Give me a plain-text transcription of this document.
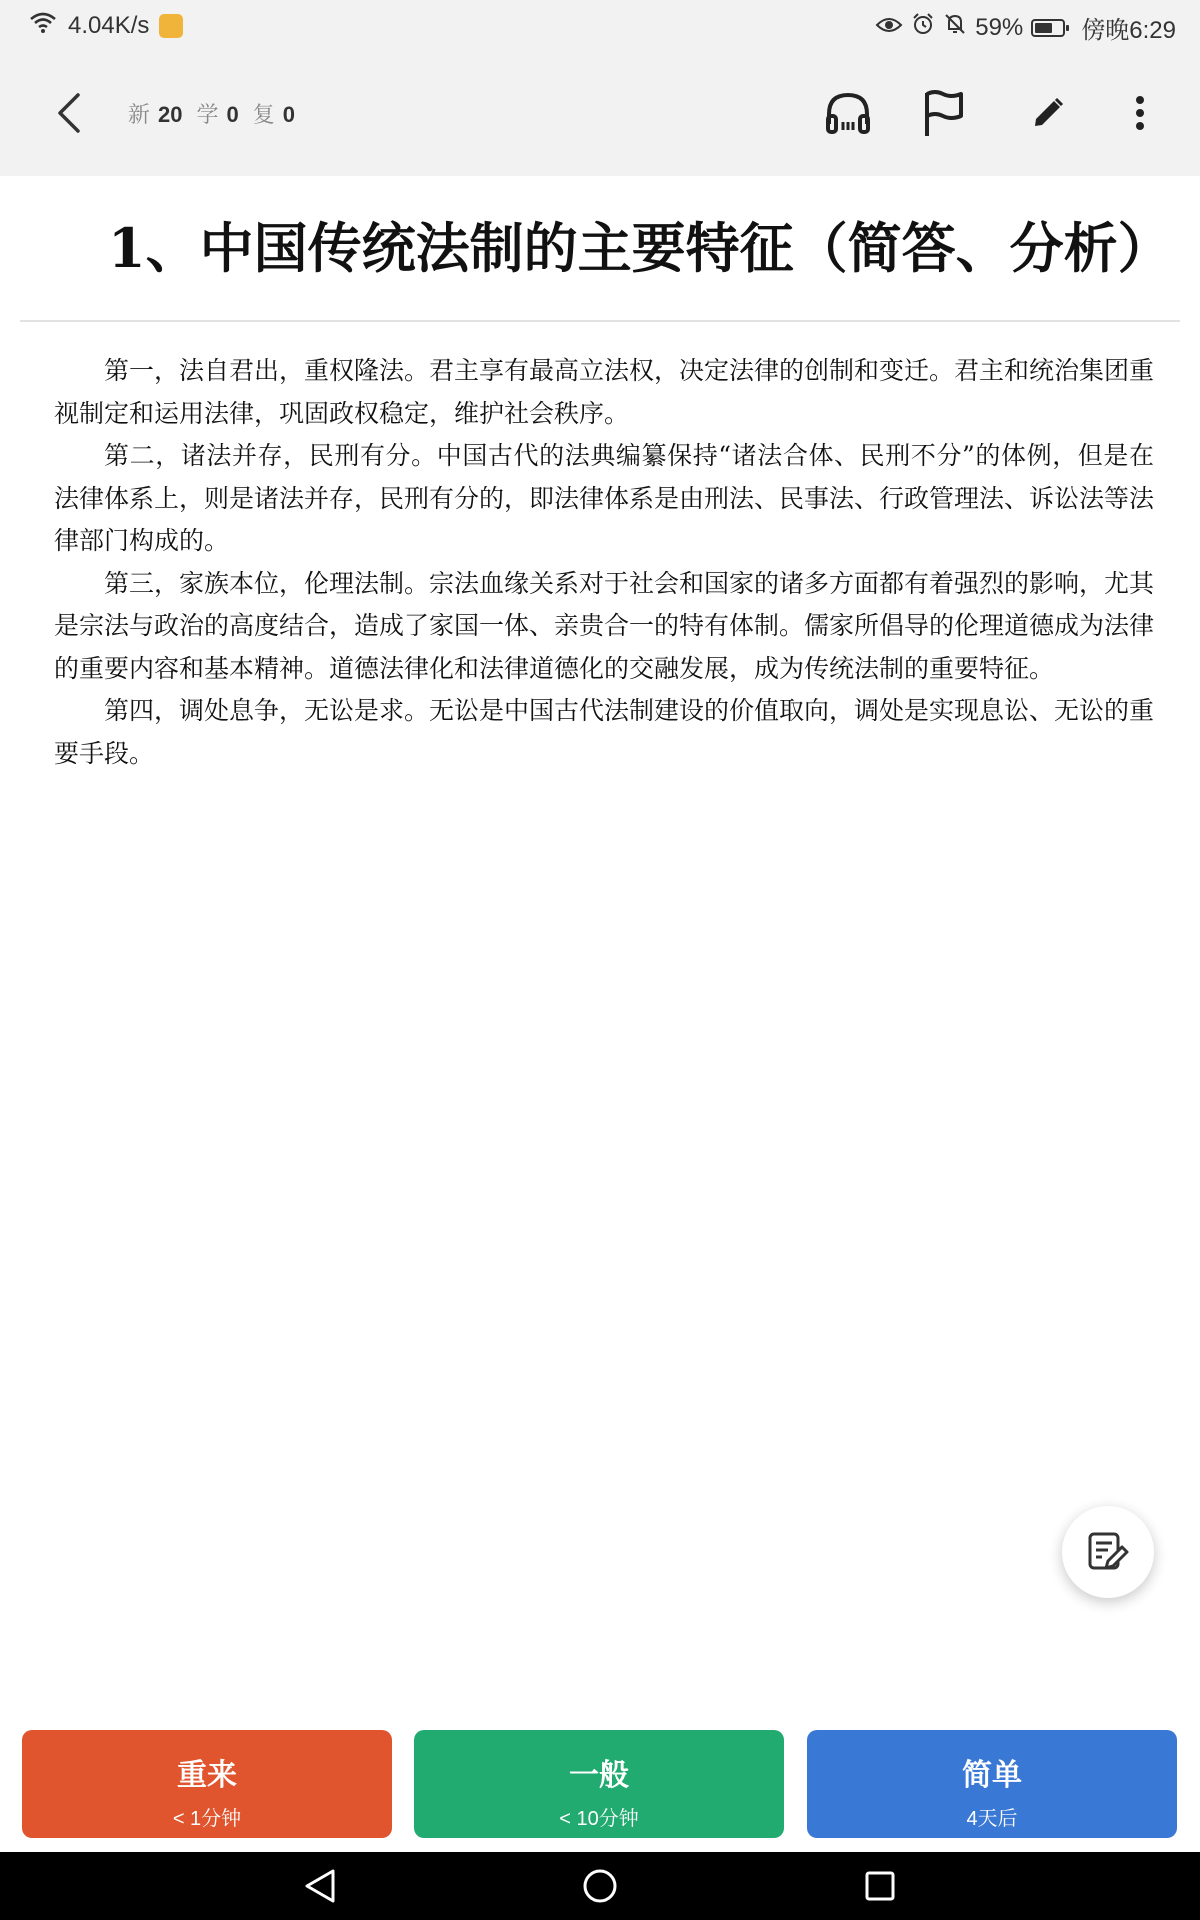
4.04K/s	59% 傍晚6:29
新 20 学 0 复 0
1、中国传统法制的主要特征（简答、分析）

第一，法自君出，重权隆法。君主享有最高立法权，决定法律的创制和变迁。君主和统治集团重视制定和运用法律，巩固政权稳定，维护社会秩序。

第二，诸法并存，民刑有分。中国古代的法典编纂保持“诸法合体、民刑不分”的体例，但是在法律体系上，则是诸法并存，民刑有分的，即法律体系是由刑法、民事法、行政管理法、诉讼法等法律部门构成的。

第三，家族本位，伦理法制。宗法血缘关系对于社会和国家的诸多方面都有着强烈的影响，尤其是宗法与政治的高度结合，造成了家国一体、亲贵合一的特有体制。儒家所倡导的伦理道德成为法律的重要内容和基本精神。道德法律化和法律道德化的交融发展，成为传统法制的重要特征。

第四，调处息争，无讼是求。无讼是中国古代法制建设的价值取向，调处是实现息讼、无讼的重要手段。

重来
< 1分钟
一般
< 10分钟
简单
4天后
